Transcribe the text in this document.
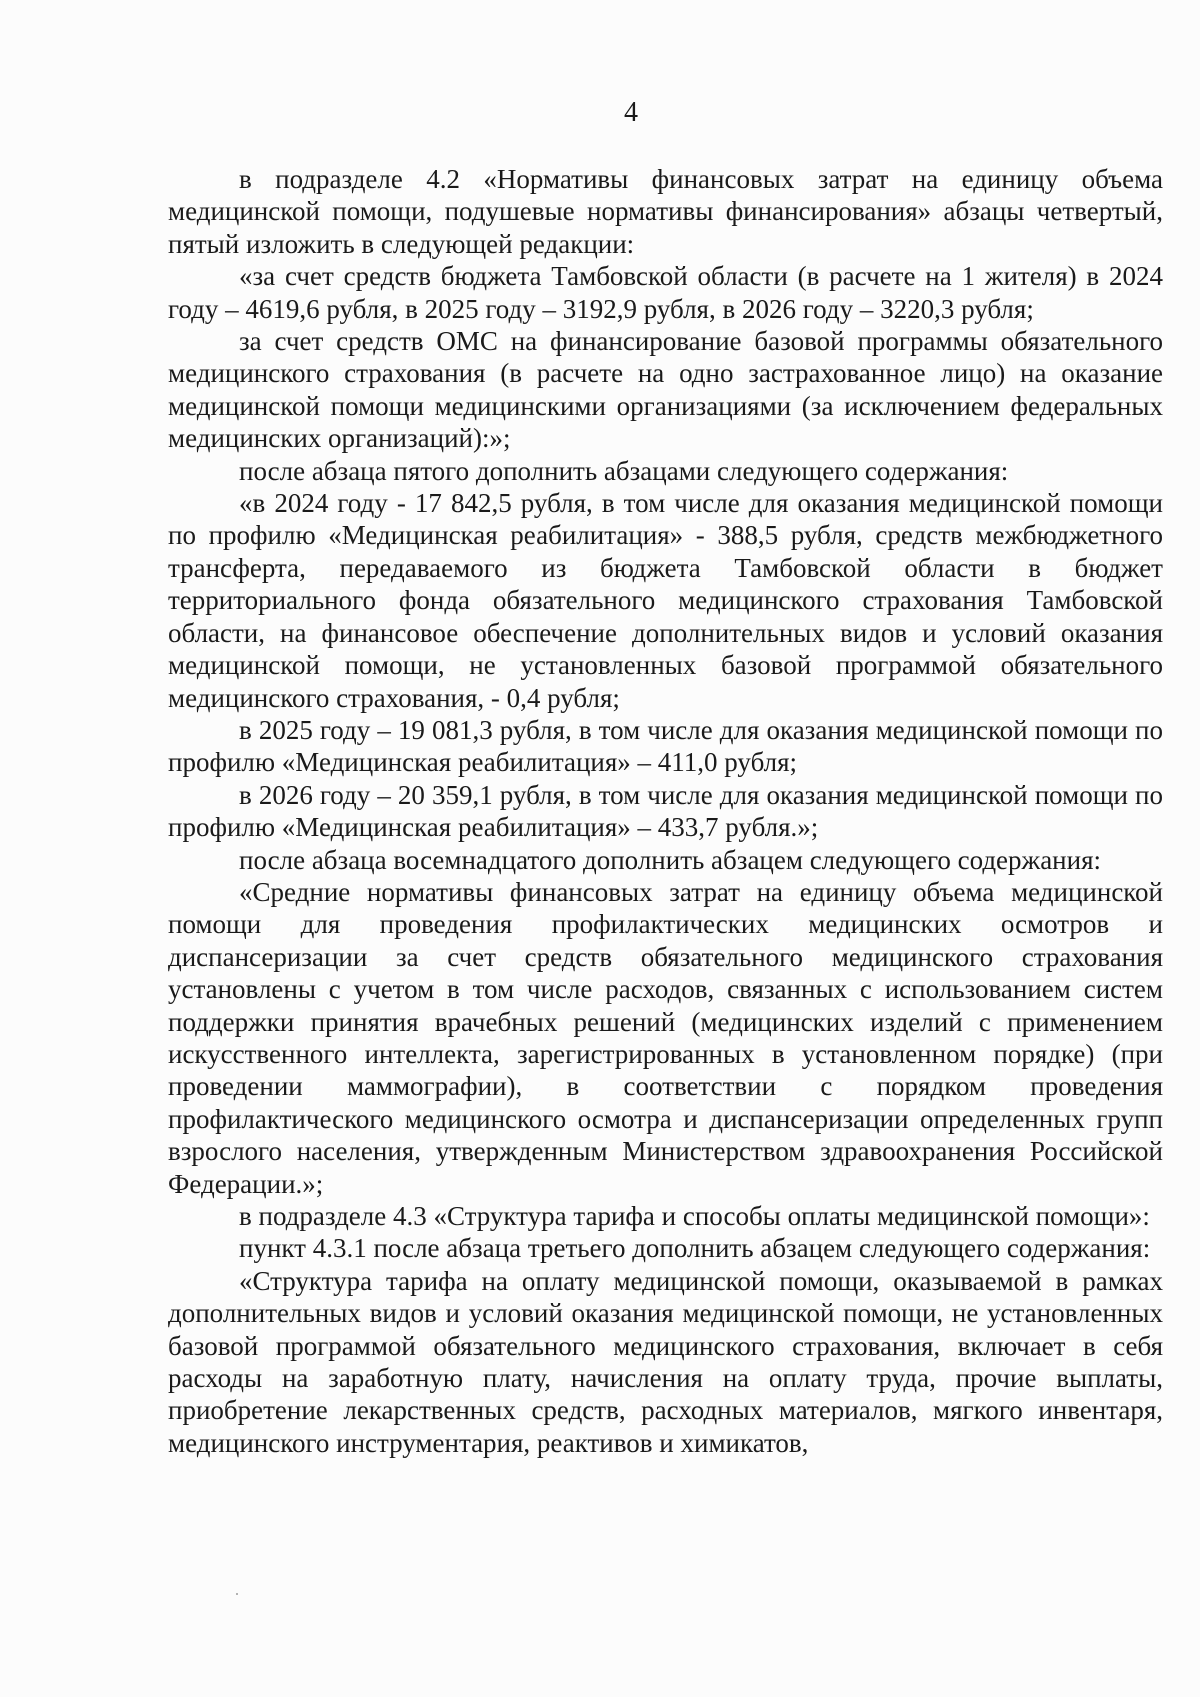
4

в подразделе 4.2 «Нормативы финансовых затрат на единицу объема медицинской помощи, подушевые нормативы финансирования» абзацы четвертый, пятый изложить в следующей редакции:

«за счет средств бюджета Тамбовской области (в расчете на 1 жителя) в 2024 году – 4619,6 рубля, в 2025 году – 3192,9 рубля, в 2026 году – 3220,3 рубля;

за счет средств ОМС на финансирование базовой программы обязательного медицинского страхования (в расчете на одно застрахованное лицо) на оказание медицинской помощи медицинскими организациями (за исключением федеральных медицинских организаций):»;

после абзаца пятого дополнить абзацами следующего содержания:

«в 2024 году - 17 842,5 рубля, в том числе для оказания медицинской помощи по профилю «Медицинская реабилитация» - 388,5 рубля, средств межбюджетного трансферта, передаваемого из бюджета Тамбовской области в бюджет территориального фонда обязательного медицинского страхования Тамбовской области, на финансовое обеспечение дополнительных видов и условий оказания медицинской помощи, не установленных базовой программой обязательного медицинского страхования, - 0,4 рубля;

в 2025 году – 19 081,3 рубля, в том числе для оказания медицинской помощи по профилю «Медицинская реабилитация» – 411,0 рубля;

в 2026 году – 20 359,1 рубля, в том числе для оказания медицинской помощи по профилю «Медицинская реабилитация» – 433,7 рубля.»;

после абзаца восемнадцатого дополнить абзацем следующего содержания:

«Средние нормативы финансовых затрат на единицу объема медицинской помощи для проведения профилактических медицинских осмотров и диспансеризации за счет средств обязательного медицинского страхования установлены с учетом в том числе расходов, связанных с использованием систем поддержки принятия врачебных решений (медицинских изделий с применением искусственного интеллекта, зарегистрированных в установленном порядке) (при проведении маммографии), в соответствии с порядком проведения профилактического медицинского осмотра и диспансеризации определенных групп взрослого населения, утвержденным Министерством здравоохранения Российской Федерации.»;

в подразделе 4.3 «Структура тарифа и способы оплаты медицинской помощи»:

пункт 4.3.1 после абзаца третьего дополнить абзацем следующего содержания:

«Структура тарифа на оплату медицинской помощи, оказываемой в рамках дополнительных видов и условий оказания медицинской помощи, не установленных базовой программой обязательного медицинского страхования, включает в себя расходы на заработную плату, начисления на оплату труда, прочие выплаты, приобретение лекарственных средств, расходных материалов, мягкого инвентаря, медицинского инструментария, реактивов и химикатов,
